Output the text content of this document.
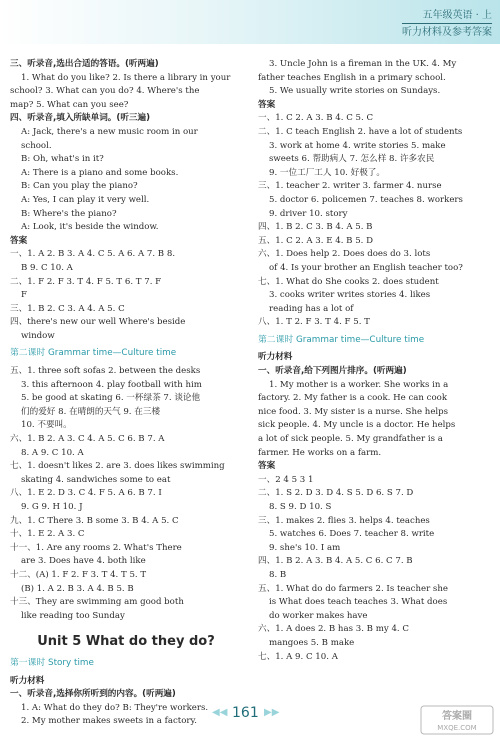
五年级英语 · 上
听力材料及参考答案
三、听录音,选出合适的答语。(听两遍)
1. What do you like? 2. Is there a library in your
school? 3. What can you do? 4. Where's the
map? 5. What can you see?
四、听录音,填入所缺单词。(听三遍)
A: Jack, there's a new music room in our
school.
B: Oh, what's in it?
A: There is a piano and some books.
B: Can you play the piano?
A: Yes, I can play it very well.
B: Where's the piano?
A: Look, it's beside the window.
答案
一、1. A 2. B 3. A 4. C 5. A 6. A 7. B 8.
B 9. C 10. A
二、1. F 2. F 3. T 4. F 5. T 6. T 7. F
F
三、1. B 2. C 3. A 4. A 5. C
四、there's new our well Where's beside
window
第二课时 Grammar time—Culture time
五、1. three soft sofas 2. between the desks
3. this afternoon 4. play football with him
5. be good at skating 6. 一杯绿茶 7. 谈论他
们的爱好 8. 在晴朗的天气 9. 在三楼
10. 不要叫。
六、1. B 2. A 3. C 4. A 5. C 6. B 7. A
8. A 9. C 10. A
七、1. doesn't likes 2. are 3. does likes swimming
skating 4. sandwiches some to eat
八、1. E 2. D 3. C 4. F 5. A 6. B 7. I
9. G 9. H 10. J
九、1. C There 3. B some 3. B 4. A 5. C
十、1. E 2. A 3. C
十一、1. Are any rooms 2. What's There
are 3. Does have 4. both like
十二、(A) 1. F 2. F 3. T 4. T 5. T
(B) 1. A 2. B 3. A 4. B 5. B
十三、They are swimming am good both
like reading too Sunday
Unit 5 What do they do?
第一课时 Story time
听力材料
一、听录音,选择你所听到的内容。(听两遍)
1. A: What do they do? B: They're workers.
2. My mother makes sweets in a factory.
3. Uncle John is a fireman in the UK. 4. My
father teaches English in a primary school.
5. We usually write stories on Sundays.
答案
一、1. C 2. A 3. B 4. C 5. C
二、1. C teach English 2. have a lot of students
3. work at home 4. write stories 5. make
sweets 6. 帮助病人 7. 怎么样 8. 许多农民
9. 一位工厂工人 10. 好极了。
三、1. teacher 2. writer 3. farmer 4. nurse
5. doctor 6. policemen 7. teaches 8. workers
9. driver 10. story
四、1. B 2. C 3. B 4. A 5. B
五、1. C 2. A 3. E 4. B 5. D
六、1. Does help 2. Does does do 3. lots
of 4. Is your brother an English teacher too?
七、1. What do She cooks 2. does student
3. cooks writer writes stories 4. likes
reading has a lot of
八、1. T 2. F 3. T 4. F 5. T
第二课时 Grammar time—Culture time
听力材料
一、听录音,给下列图片排序。(听两遍)
1. My mother is a worker. She works in a
factory. 2. My father is a cook. He can cook
nice food. 3. My sister is a nurse. She helps
sick people. 4. My uncle is a doctor. He helps
a lot of sick people. 5. My grandfather is a
farmer. He works on a farm.
答案
一、2 4 5 3 1
二、1. S 2. D 3. D 4. S 5. D 6. S 7. D
8. S 9. D 10. S
三、1. makes 2. flies 3. helps 4. teaches
5. watches 6. Does 7. teacher 8. write
9. she's 10. I am
四、1. B 2. A 3. B 4. A 5. C 6. C 7. B
8. B
五、1. What do do farmers 2. Is teacher she
is What does teach teaches 3. What does
do worker makes have
六、1. A does 2. B has 3. B my 4. C
mangoes 5. B make
七、1. A 9. C 10. A
◀◀ 161 ▶▶	答案圈
MXQE.COM
